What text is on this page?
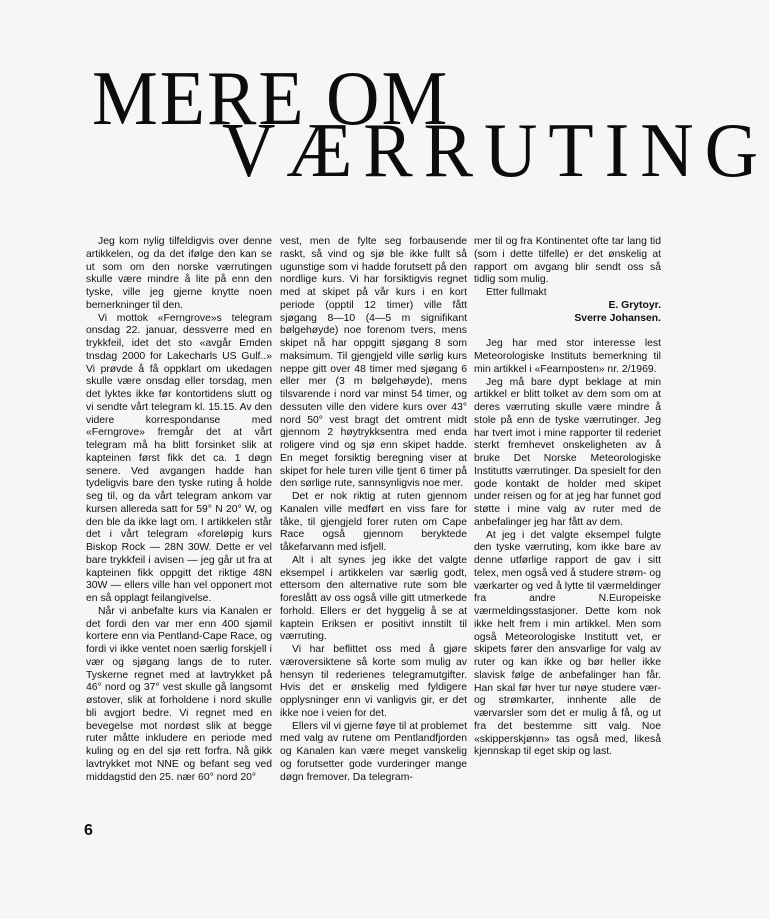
MERE OM
VÆRRUTING

Jeg kom nylig tilfeldigvis over denne artikkelen, og da det ifølge den kan se ut som om den norske værrutingen skulle være mindre å lite på enn den tyske, ville jeg gjerne knytte noen bemerkninger til den.

Vi mottok «Ferngrove»s telegram onsdag 22. januar, dessverre med en trykkfeil, idet det sto «avgår Emden tnsdag 2000 for Lakecharls US Gulf..» Vi prøvde å få oppklart om ukedagen skulle være onsdag eller torsdag, men det lyktes ikke før kontortidens slutt og vi sendte vårt telegram kl. 15.15. Av den videre korrespondanse med «Ferngrove» fremgår det at vårt telegram må ha blitt forsinket slik at kapteinen først fikk det ca. 1 døgn senere. Ved avgangen hadde han tydeligvis bare den tyske ruting å holde seg til, og da vårt telegram ankom var kursen allereda satt for 59° N 20° W, og den ble da ikke lagt om. I artikkelen står det i vårt telegram «foreløpig kurs Biskop Rock — 28N 30W. Dette er vel bare trykkfeil i avisen — jeg går ut fra at kapteinen fikk oppgitt det riktige 48N 30W — ellers ville han vel opponert mot en så opplagt feilangivelse.

Når vi anbefalte kurs via Kanalen er det fordi den var mer enn 400 sjømil kortere enn via Pentland-Cape Race, og fordi vi ikke ventet noen særlig forskjell i vær og sjøgang langs de to ruter. Tyskerne regnet med at lavtrykket på 46° nord og 37° vest skulle gå langsomt østover, slik at forholdene i nord skulle bli avgjort bedre. Vi regnet med en bevegelse mot nordøst slik at begge ruter måtte inkludere en periode med kuling og en del sjø rett forfra. Nå gikk lavtrykket mot NNE og befant seg ved middagstid den 25. nær 60° nord 20°

vest, men de fylte seg forbausende raskt, så vind og sjø ble ikke fullt så ugunstige som vi hadde forutsett på den nordlige kurs. Vi har forsiktigvis regnet med at skipet på vår kurs i en kort periode (opptil 12 timer) ville fått sjøgang 8—10 (4—5 m signifikant bølgehøyde) noe forenom tvers, mens skipet nå har oppgitt sjøgang 8 som maksimum. Til gjengjeld ville sørlig kurs neppe gitt over 48 timer med sjøgang 6 eller mer (3 m bølgehøyde), mens tilsvarende i nord var minst 54 timer, og dessuten ville den videre kurs over 43° nord 50° vest bragt det omtrent midt gjennom 2 høytrykksentra med enda roligere vind og sjø enn skipet hadde. En meget forsiktig beregning viser at skipet for hele turen ville tjent 6 timer på den sørlige rute, sannsynligvis noe mer.

Det er nok riktig at ruten gjennom Kanalen ville medført en viss fare for tåke, til gjengjeld forer ruten om Cape Race også gjennom beryktede tåkefarvann med isfjell.

Alt i alt synes jeg ikke det valgte eksempel i artikkelen var særlig godt, ettersom den alternative rute som ble foreslått av oss også ville gitt utmerkede forhold. Ellers er det hyggelig å se at kaptein Eriksen er positivt innstilt til værruting.

Vi har beflittet oss med å gjøre væroversiktene så korte som mulig av hensyn til rederienes telegramutgifter. Hvis det er ønskelig med fyldigere opplysninger enn vi vanligvis gir, er det ikke noe i veien for det.

Ellers vil vi gjerne føye til at problemet med valg av rutene om Pentlandfjorden og Kanalen kan være meget vanskelig og forutsetter gode vurderinger mange døgn fremover. Da telegram-

mer til og fra Kontinentet ofte tar lang tid (som i dette tilfelle) er det ønskelig at rapport om avgang blir sendt oss så tidlig som mulig.

Etter fullmakt

E. Grytoyr.

Sverre Johansen.

Jeg har med stor interesse lest Meteorologiske Instituts bemerkning til min artikkel i «Fearnposten» nr. 2/1969.

Jeg må bare dypt beklage at min artikkel er blitt tolket av dem som om at deres værruting skulle være mindre å stole på enn de tyske værrutinger. Jeg har tvert imot i mine rapporter til rederiet sterkt fremhevet onskeligheten av å bruke Det Norske Meteorologiske Institutts værrutinger. Da spesielt for den gode kontakt de holder med skipet under reisen og for at jeg har funnet god støtte i mine valg av ruter med de anbefalinger jeg har fått av dem.

At jeg i det valgte eksempel fulgte den tyske værruting, kom ikke bare av denne utførlige rapport de gav i sitt telex, men også ved å studere strøm- og værkarter og ved å lytte til værmeldinger fra andre N.Europeiske værmeldingsstasjoner. Dette kom nok ikke helt frem i min artikkel. Men som også Meteorologiske Institutt vet, er skipets fører den ansvarlige for valg av ruter og kan ikke og bør heller ikke slavisk følge de anbefalinger han får. Han skal før hver tur nøye studere vær- og strømkarter, innhente alle de værvarsler som det er mulig å få, og ut fra det bestemme sitt valg. Noe «skipperskjønn» tas også med, likeså kjennskap til eget skip og last.

6
